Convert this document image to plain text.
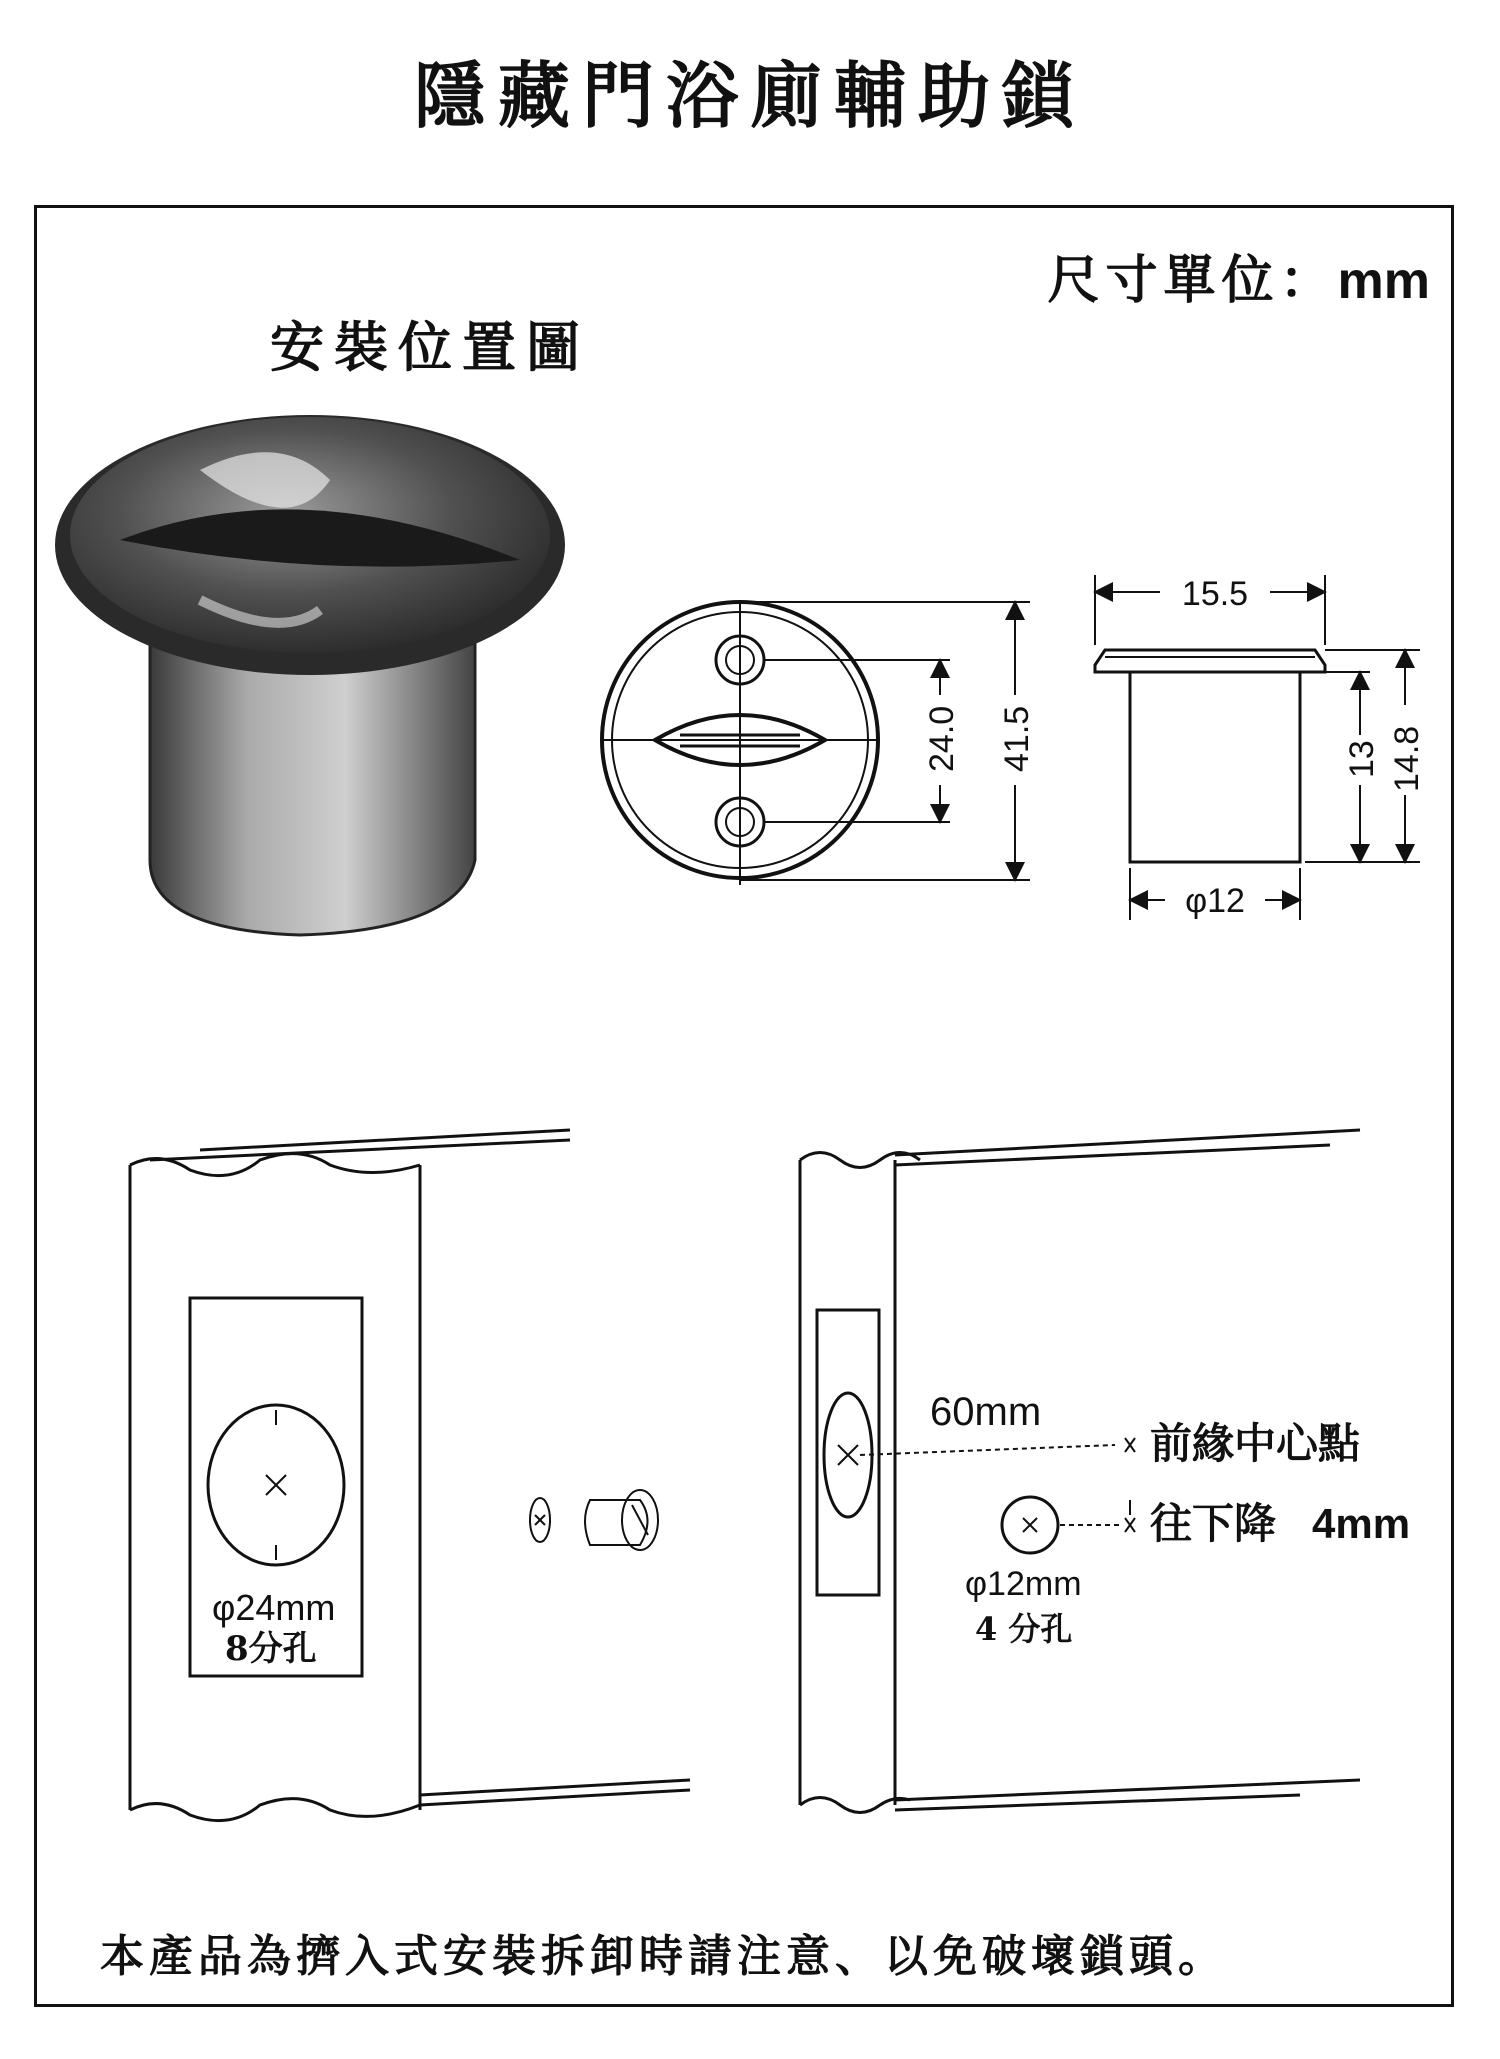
隱藏門浴廁輔助鎖
尺寸單位：mm
安裝位置圖
24.0 41.5
15.5
13 14.8
φ12
φ24mm
8分孔
60mm
前緣中心點
往下降 4mm
φ12mm
4 分孔
本產品為擠入式安裝拆卸時請注意、以免破壞鎖頭。
